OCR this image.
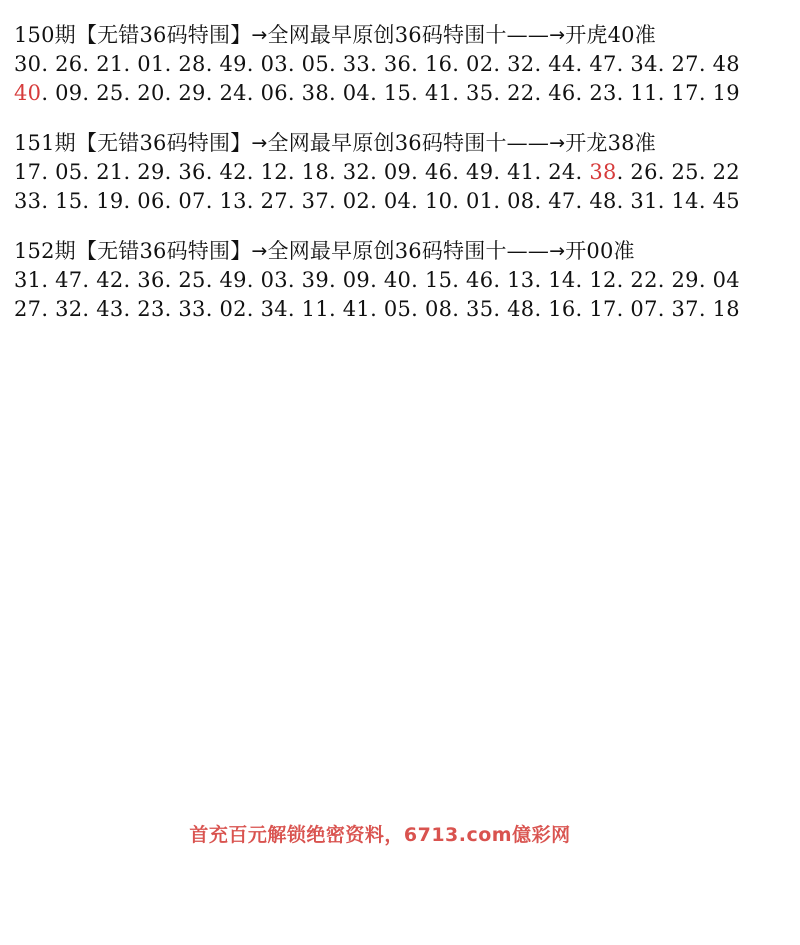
150期【无错36码特围】→全网最早原创36码特围十——→开虎40准
30. 26. 21. 01. 28. 49. 03. 05. 33. 36. 16. 02. 32. 44. 47. 34. 27. 48
40. 09. 25. 20. 29. 24. 06. 38. 04. 15. 41. 35. 22. 46. 23. 11. 17. 19
151期【无错36码特围】→全网最早原创36码特围十——→开龙38准
17. 05. 21. 29. 36. 42. 12. 18. 32. 09. 46. 49. 41. 24. 38. 26. 25. 22
33. 15. 19. 06. 07. 13. 27. 37. 02. 04. 10. 01. 08. 47. 48. 31. 14. 45
152期【无错36码特围】→全网最早原创36码特围十——→开00准
31. 47. 42. 36. 25. 49. 03. 39. 09. 40. 15. 46. 13. 14. 12. 22. 29. 04
27. 32. 43. 23. 33. 02. 34. 11. 41. 05. 08. 35. 48. 16. 17. 07. 37. 18
首充百元解锁绝密资料，6713.com億彩网
